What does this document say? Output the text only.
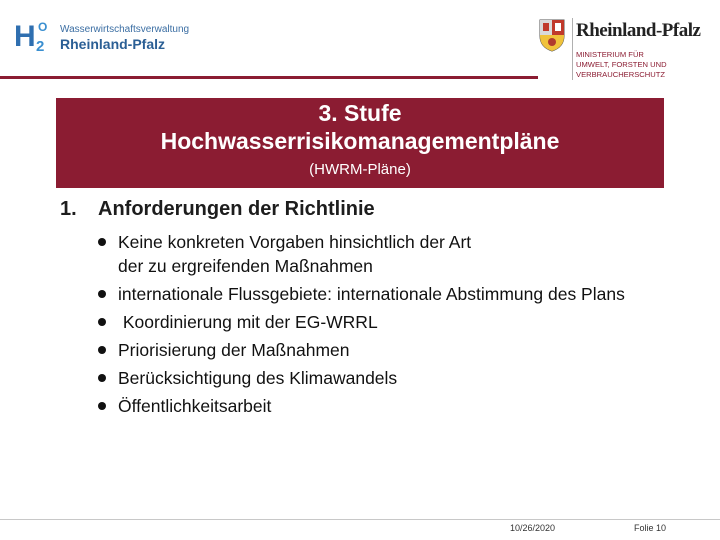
H 2
O Wasserwirtschaftsverwaltung
Rheinland-Pfalz
Rheinland-Pfalz
MINISTERIUM FÜR
UMWELT, FORSTEN UND
VERBRAUCHERSCHUTZ
3. Stufe
Hochwasserrisikomanagementpläne
(HWRM-Pläne)
1. Anforderungen der Richtlinie
Keine konkreten Vorgaben hinsichtlich der Art
der zu ergreifenden Maßnahmen
internationale Flussgebiete: internationale Abstimmung des Plans
Koordinierung mit der EG-WRRL
Priorisierung der Maßnahmen
Berücksichtigung des Klimawandels
Öffentlichkeitsarbeit
10/26/2020	Folie 10
